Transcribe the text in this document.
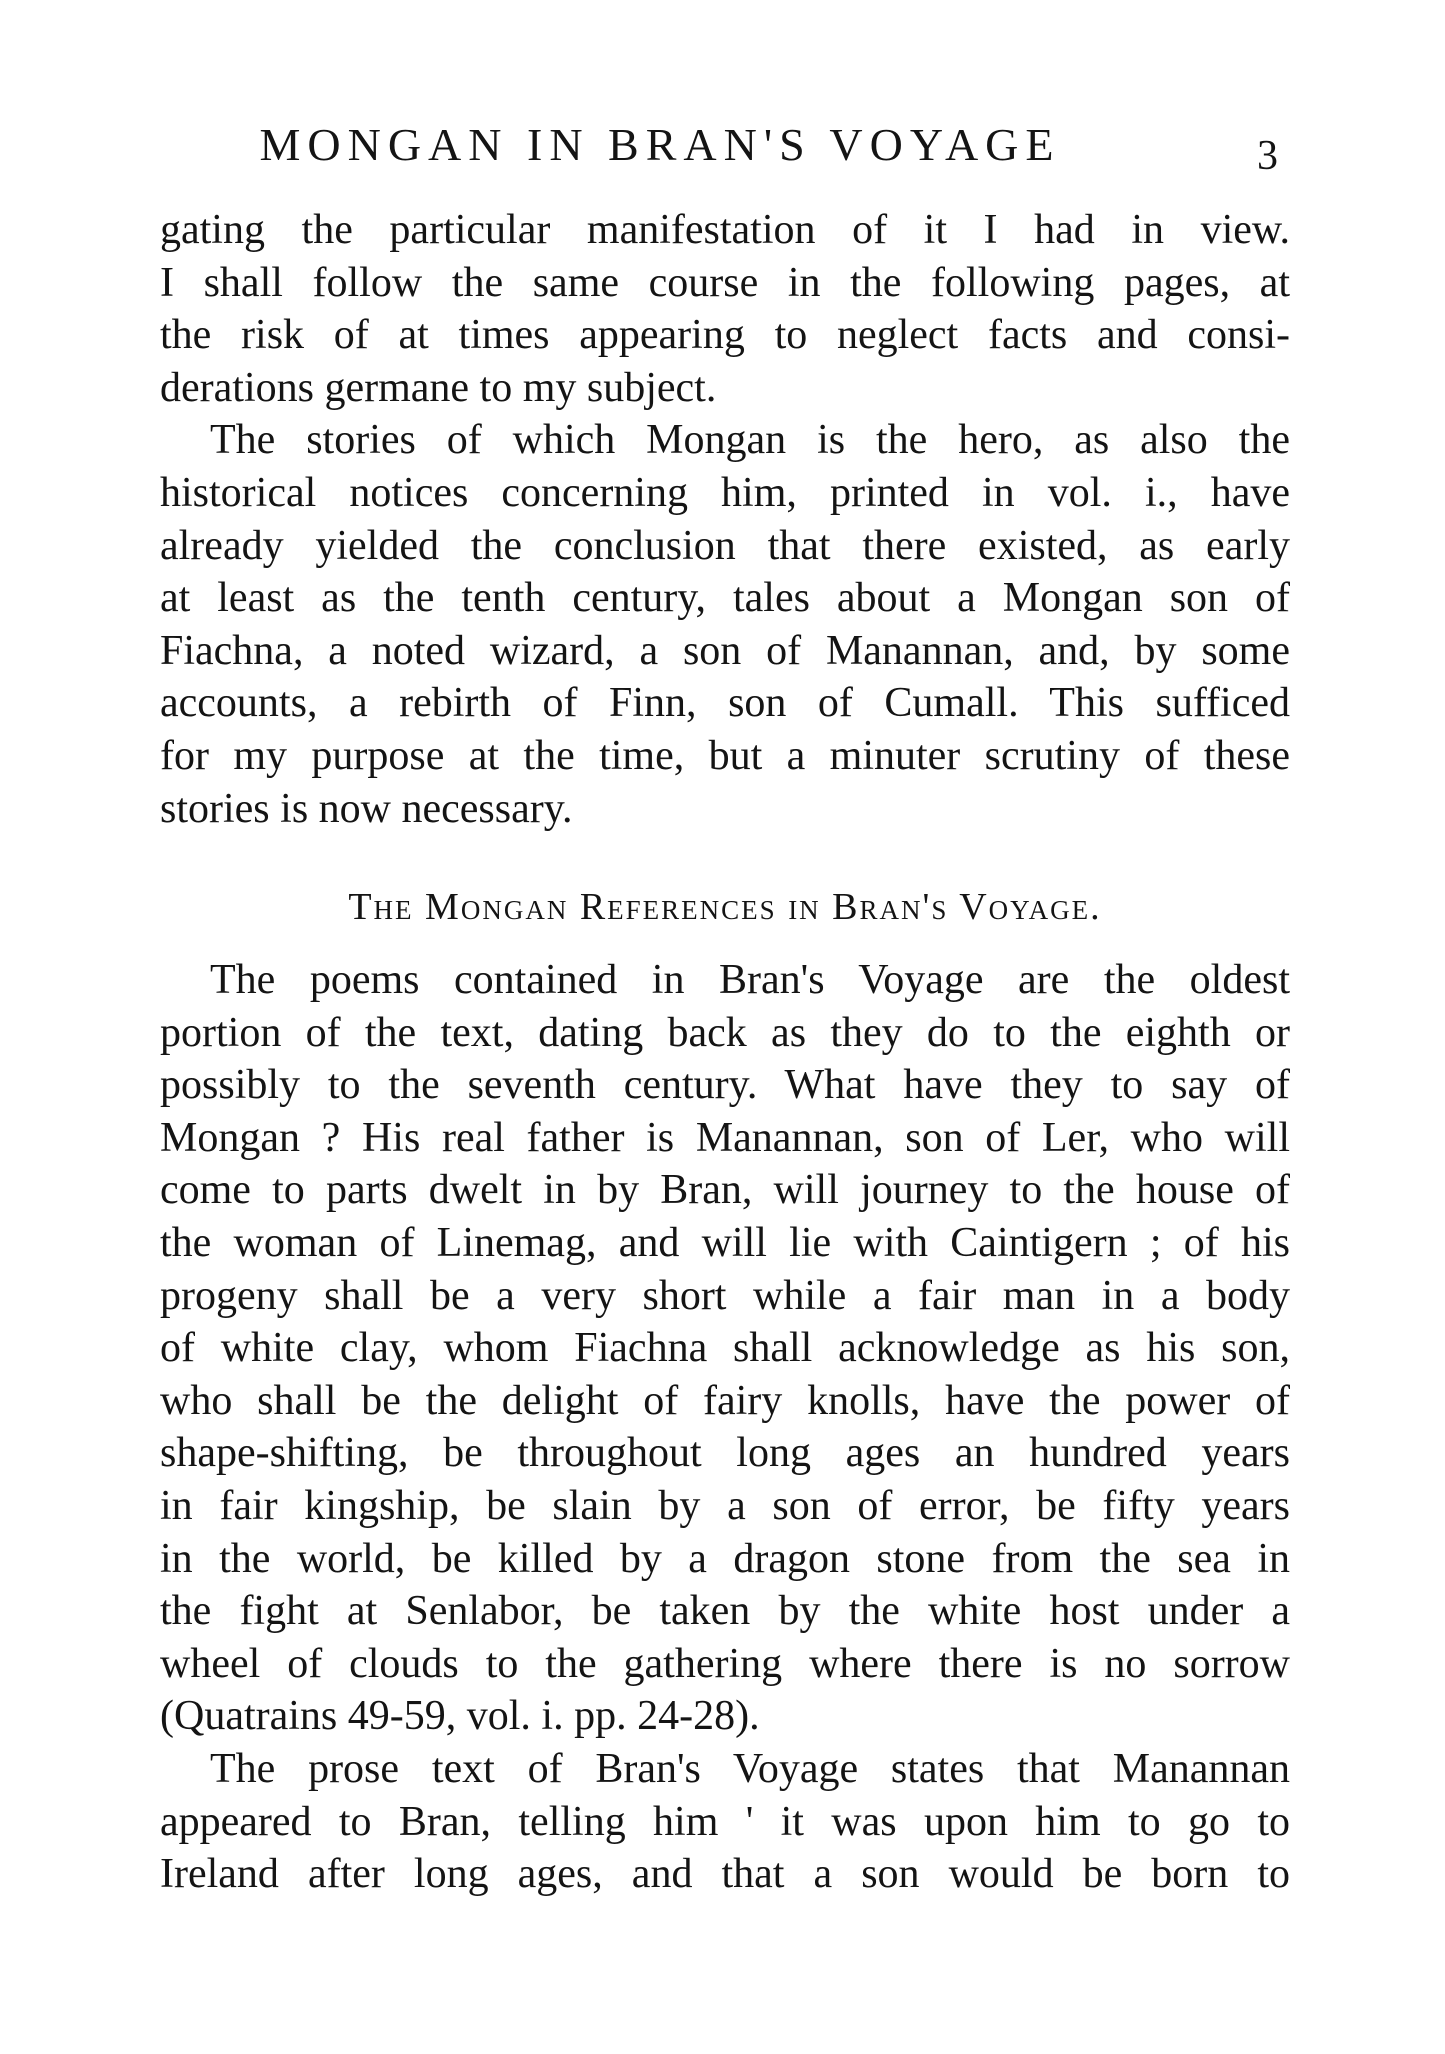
MONGAN IN BRAN'S VOYAGE	3
gating the particular manifestation of it I had in view.
I shall follow the same course in the following pages, at
the risk of at times appearing to neglect facts and consi-
derations germane to my subject.
The stories of which Mongan is the hero, as also the
historical notices concerning him, printed in vol. i., have
already yielded the conclusion that there existed, as early
at least as the tenth century, tales about a Mongan son of
Fiachna, a noted wizard, a son of Manannan, and, by some
accounts, a rebirth of Finn, son of Cumall. This sufficed
for my purpose at the time, but a minuter scrutiny of these
stories is now necessary.
The Mongan References in Bran's Voyage.
The poems contained in Bran's Voyage are the oldest
portion of the text, dating back as they do to the eighth or
possibly to the seventh century. What have they to say of
Mongan ? His real father is Manannan, son of Ler, who will
come to parts dwelt in by Bran, will journey to the house of
the woman of Linemag, and will lie with Caintigern ; of his
progeny shall be a very short while a fair man in a body
of white clay, whom Fiachna shall acknowledge as his son,
who shall be the delight of fairy knolls, have the power of
shape-shifting, be throughout long ages an hundred years
in fair kingship, be slain by a son of error, be fifty years
in the world, be killed by a dragon stone from the sea in
the fight at Senlabor, be taken by the white host under a
wheel of clouds to the gathering where there is no sorrow
(Quatrains 49-59, vol. i. pp. 24-28).
The prose text of Bran's Voyage states that Manannan
appeared to Bran, telling him ' it was upon him to go to
Ireland after long ages, and that a son would be born to
